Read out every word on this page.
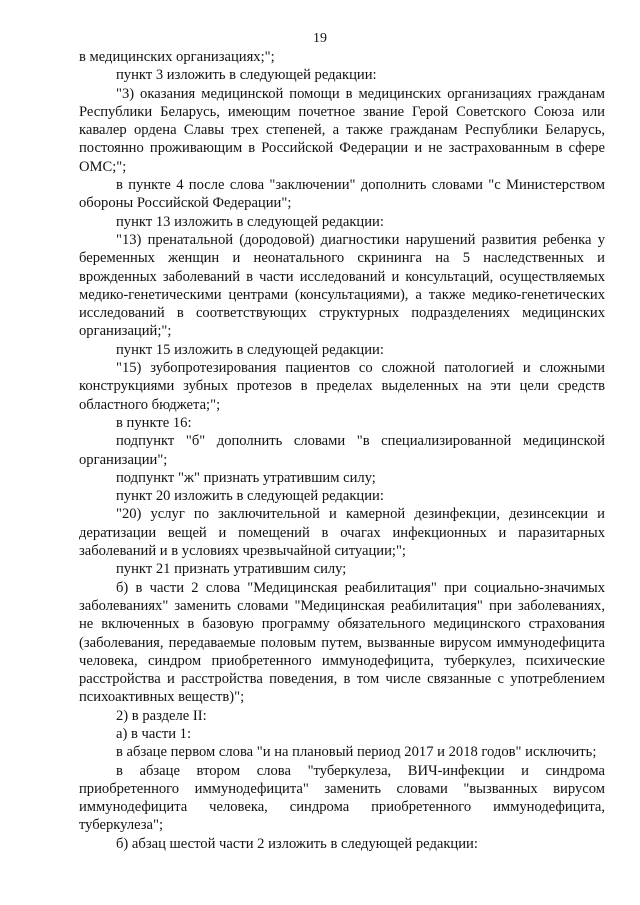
19

в медицинских организациях;";

пункт 3 изложить в следующей редакции:

"3) оказания медицинской помощи в медицинских организациях гражданам Республики Беларусь, имеющим почетное звание Герой Советского Союза или кавалер ордена Славы трех степеней, а также гражданам Республики Беларусь, постоянно проживающим в Российской Федерации и не застрахованным в сфере ОМС;";

в пункте 4 после слова "заключении" дополнить словами "с Министерством обороны Российской Федерации";

пункт 13 изложить в следующей редакции:

"13) пренатальной (дородовой) диагностики нарушений развития ребенка у беременных женщин и неонатального скрининга на 5 наследственных и врожденных заболеваний в части исследований и консультаций, осуществляемых медико-генетическими центрами (консультациями), а также медико-генетических исследований в соответствующих структурных подразделениях медицинских организаций;";

пункт 15 изложить в следующей редакции:

"15) зубопротезирования пациентов со сложной патологией и сложными конструкциями зубных протезов в пределах выделенных на эти цели средств областного бюджета;";

в пункте 16:

подпункт "б" дополнить словами "в специализированной медицинской организации";

подпункт "ж" признать утратившим силу;

пункт 20 изложить в следующей редакции:

"20) услуг по заключительной и камерной дезинфекции, дезинсекции и дератизации вещей и помещений в очагах инфекционных и паразитарных заболеваний и в условиях чрезвычайной ситуации;";

пункт 21 признать утратившим силу;

б) в части 2 слова "Медицинская реабилитация" при социально-значимых заболеваниях" заменить словами "Медицинская реабилитация" при заболеваниях, не включенных в базовую программу обязательного медицинского страхования (заболевания, передаваемые половым путем, вызванные вирусом иммунодефицита человека, синдром приобретенного иммунодефицита, туберкулез, психические расстройства и расстройства поведения, в том числе связанные с употреблением психоактивных веществ)";

2) в разделе II:

а) в части 1:

в абзаце первом слова "и на плановый период 2017 и 2018 годов" исключить;

в абзаце втором слова "туберкулеза, ВИЧ-инфекции и синдрома приобретенного иммунодефицита" заменить словами "вызванных вирусом иммунодефицита человека, синдрома приобретенного иммунодефицита, туберкулеза";

б) абзац шестой части 2 изложить в следующей редакции:
